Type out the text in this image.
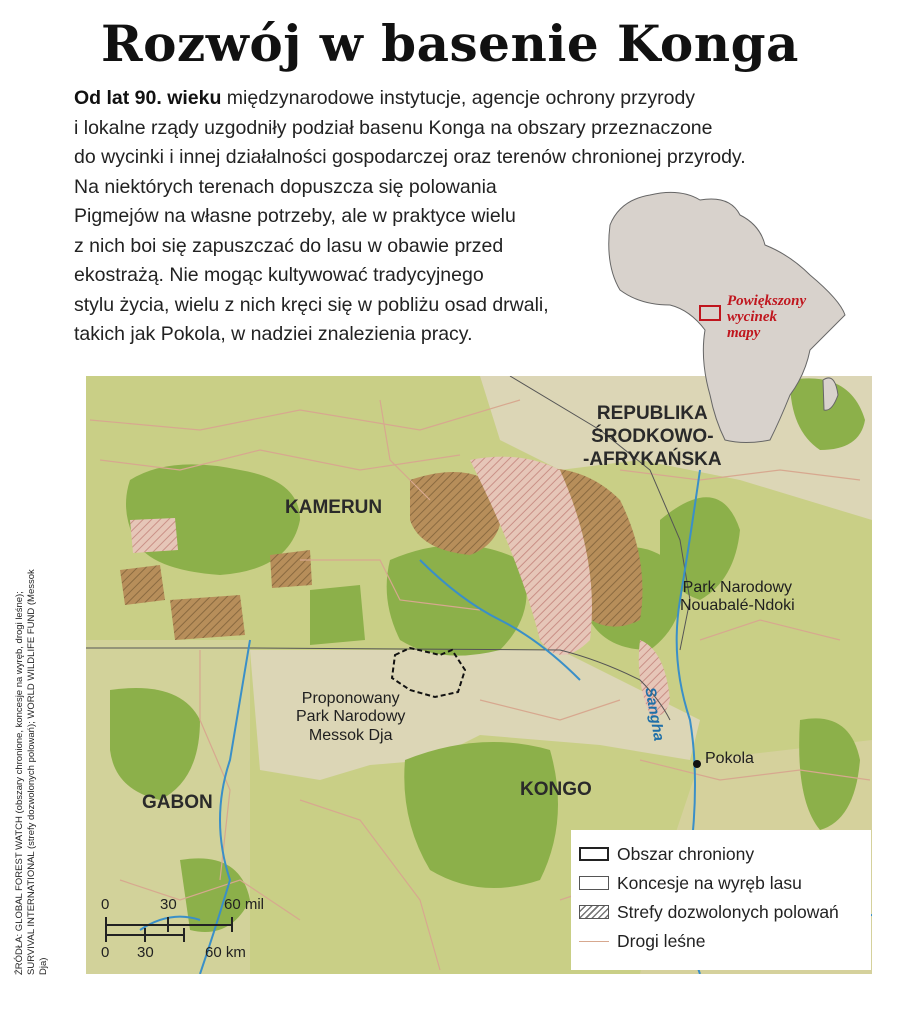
Rozwój w basenie Konga
Od lat 90. wieku międzynarodowe instytucje, agencje ochrony przyrody
i lokalne rządy uzgodniły podział basenu Konga na obszary przeznaczone
do wycinki i innej działalności gospodarczej oraz terenów chronionej przyrody.
Na niektórych terenach dopuszcza się polowania
Pigmejów na własne potrzeby, ale w praktyce wielu
z nich boi się zapuszczać do lasu w obawie przed
ekostrażą. Nie mogąc kultywować tradycyjnego
stylu życia, wielu z nich kręci się w pobliżu osad drwali,
takich jak Pokola, w nadziei znalezienia pracy.
Powiększony
wycinek
mapy
REPUBLIKA
ŚRODKOWO-
-AFRYKAŃSKA
KAMERUN
GABON
KONGO
Park Narodowy
Nouabalé-Ndoki
Proponowany
Park Narodowy
Messok Dja	Sangha
Pokola
Obszar chroniony
Koncesje na wyręb lasu
Strefy dozwolonych polowań
Drogi leśne
0	30	60 mil
0 30	60 km
ŹRÓDŁA: GLOBAL FOREST WATCH (obszary chronione, koncesje na wyręb, drogi leśne); SURVIVAL INTERNATIONAL (strefy dozwolonych polowań); WORLD WILDLIFE FUND (Messok Dja)
